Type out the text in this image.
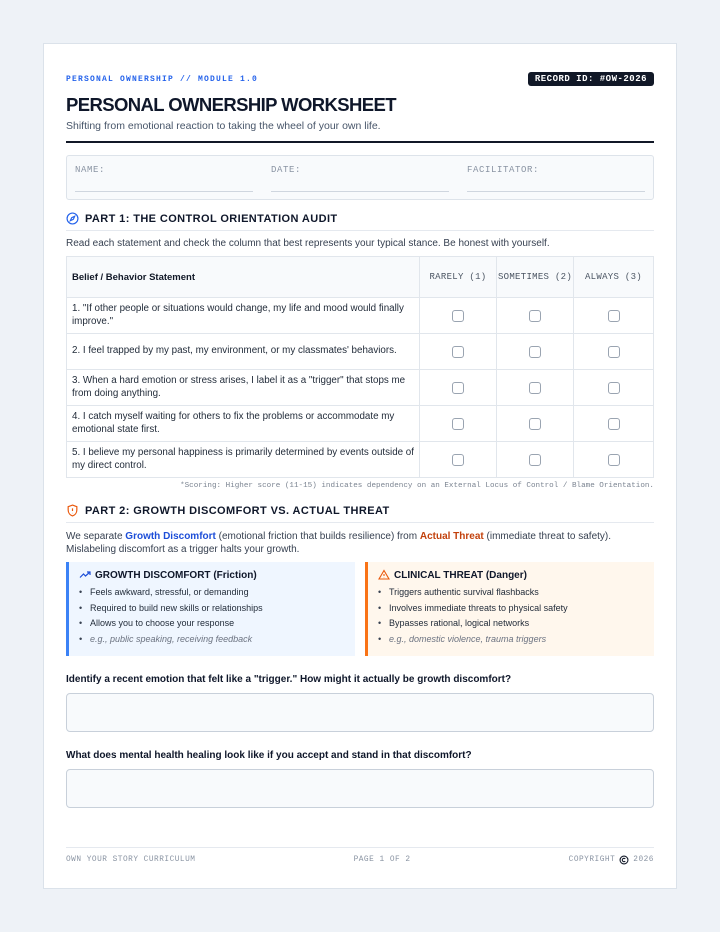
PERSONAL OWNERSHIP // MODULE 1.0	RECORD ID: #OW-2026
PERSONAL OWNERSHIP WORKSHEET
Shifting from emotional reaction to taking the wheel of your own life.
NAME:	DATE:	FACILITATOR:
PART 1: THE CONTROL ORIENTATION AUDIT
Read each statement and check the column that best represents your typical stance. Be honest with yourself.
Belief / Behavior Statement	RARELY (1)	SOMETIMES (2)	ALWAYS (3)
1. "If other people or situations would change, my life and mood would finally improve."			
2. I feel trapped by my past, my environment, or my classmates' behaviors.			
3. When a hard emotion or stress arises, I label it as a "trigger" that stops me from doing anything.			
4. I catch myself waiting for others to fix the problems or accommodate my emotional state first.			
5. I believe my personal happiness is primarily determined by events outside of my direct control.			
*Scoring: Higher score (11-15) indicates dependency on an External Locus of Control / Blame Orientation.
PART 2: GROWTH DISCOMFORT VS. ACTUAL THREAT
We separate Growth Discomfort (emotional friction that builds resilience) from Actual Threat (immediate threat to safety). Mislabeling discomfort as a trigger halts your growth.
GROWTH DISCOMFORT (Friction)
• Feels awkward, stressful, or demanding
• Required to build new skills or relationships
• Allows you to choose your response
• e.g., public speaking, receiving feedback
CLINICAL THREAT (Danger)
• Triggers authentic survival flashbacks
• Involves immediate threats to physical safety
• Bypasses rational, logical networks
• e.g., domestic violence, trauma triggers
Identify a recent emotion that felt like a "trigger." How might it actually be growth discomfort?
What does mental health healing look like if you accept and stand in that discomfort?
OWN YOUR STORY CURRICULUM	PAGE 1 OF 2	COPYRIGHT 2026
